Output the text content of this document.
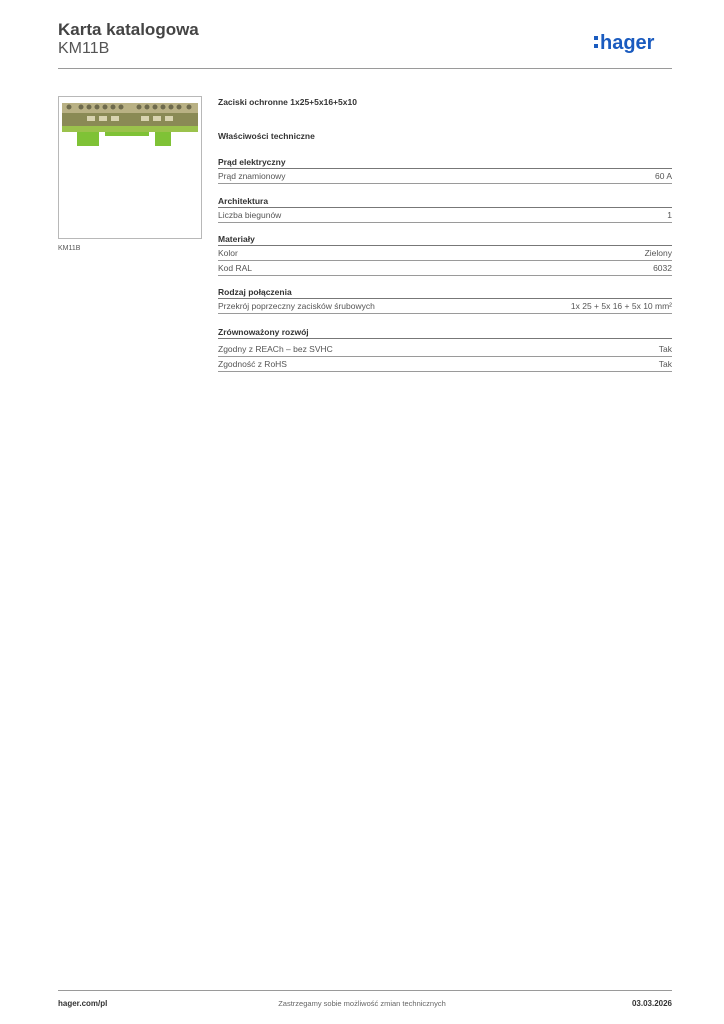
Karta katalogowa
KM11B	hager
KM11B
Zaciski ochronne 1x25+5x16+5x10
Właściwości techniczne
Prąd elektryczny
Prąd znamionowy	60 A
Architektura
Liczba biegunów	1
Materiały
Kolor	Zielony
Kod RAL	6032
Rodzaj połączenia
Przekrój poprzeczny zacisków śrubowych	1x 25 + 5x 16 + 5x 10 mm²
Zrównoważony rozwój
Zgodny z REACh – bez SVHC	Tak
Zgodność z RoHS	Tak
hager.com/pl	Zastrzegamy sobie możliwość zmian technicznych	03.03.2026
